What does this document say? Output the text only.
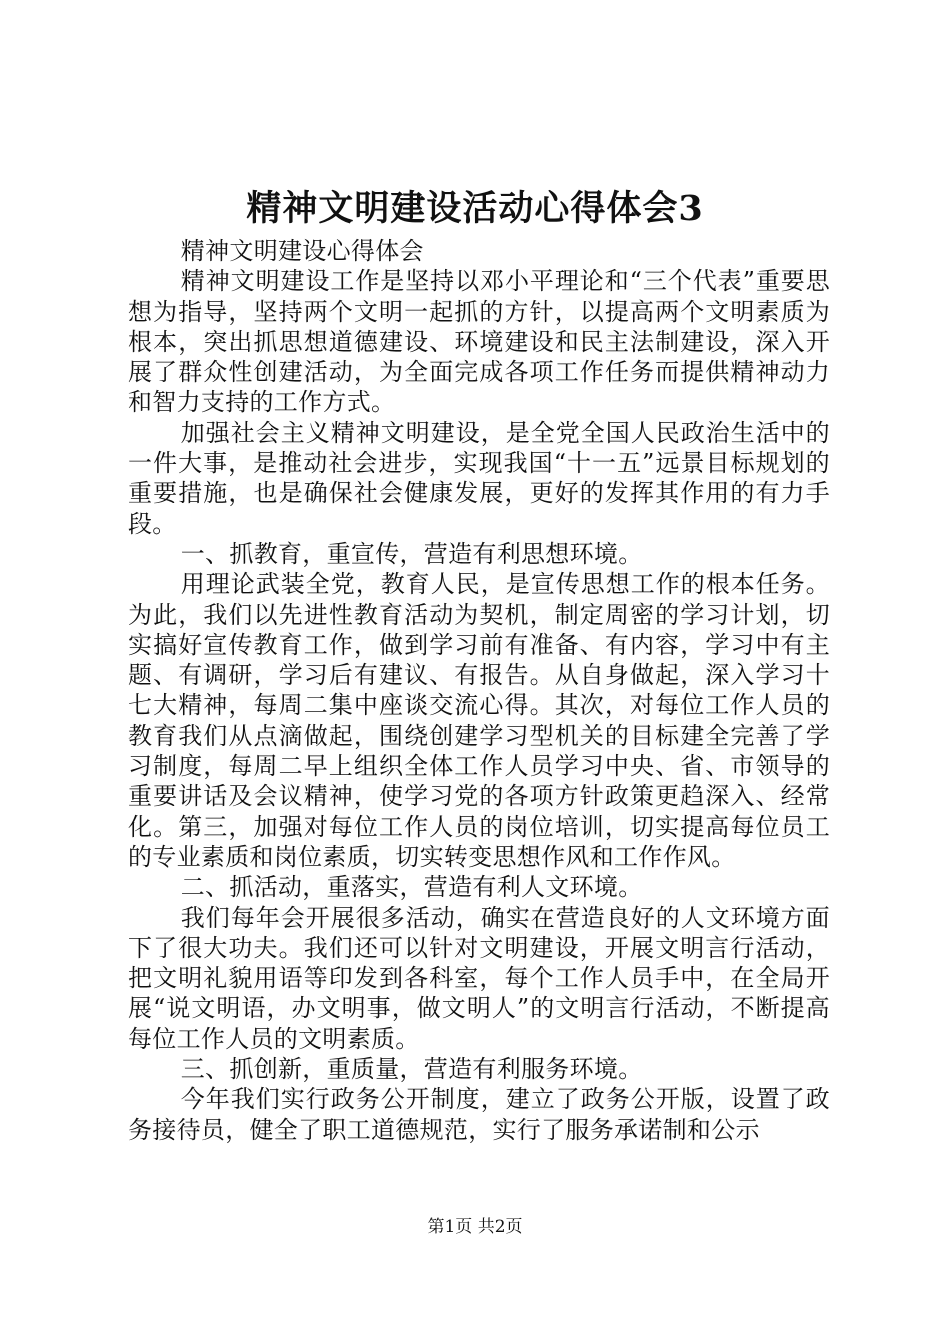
精神文明建设活动心得体会3

精神文明建设心得体会

精神文明建设工作是坚持以邓小平理论和“三个代表”重要思想为指导，坚持两个文明一起抓的方针，以提高两个文明素质为根本，突出抓思想道德建设、环境建设和民主法制建设，深入开展了群众性创建活动，为全面完成各项工作任务而提供精神动力和智力支持的工作方式。

加强社会主义精神文明建设，是全党全国人民政治生活中的一件大事，是推动社会进步，实现我国“十一五”远景目标规划的重要措施，也是确保社会健康发展，更好的发挥其作用的有力手段。

一、抓教育，重宣传，营造有利思想环境。

用理论武装全党，教育人民，是宣传思想工作的根本任务。为此，我们以先进性教育活动为契机，制定周密的学习计划，切实搞好宣传教育工作，做到学习前有准备、有内容，学习中有主题、有调研，学习后有建议、有报告。从自身做起，深入学习十七大精神，每周二集中座谈交流心得。其次，对每位工作人员的教育我们从点滴做起，围绕创建学习型机关的目标建全完善了学习制度，每周二早上组织全体工作人员学习中央、省、市领导的重要讲话及会议精神，使学习党的各项方针政策更趋深入、经常化。第三，加强对每位工作人员的岗位培训，切实提高每位员工的专业素质和岗位素质，切实转变思想作风和工作作风。

二、抓活动，重落实，营造有利人文环境。

我们每年会开展很多活动，确实在营造良好的人文环境方面下了很大功夫。我们还可以针对文明建设，开展文明言行活动，把文明礼貌用语等印发到各科室，每个工作人员手中，在全局开展“说文明语，办文明事，做文明人”的文明言行活动，不断提高每位工作人员的文明素质。

三、抓创新，重质量，营造有利服务环境。

今年我们实行政务公开制度，建立了政务公开版，设置了政务接待员，健全了职工道德规范，实行了服务承诺制和公示

第1页 共2页
